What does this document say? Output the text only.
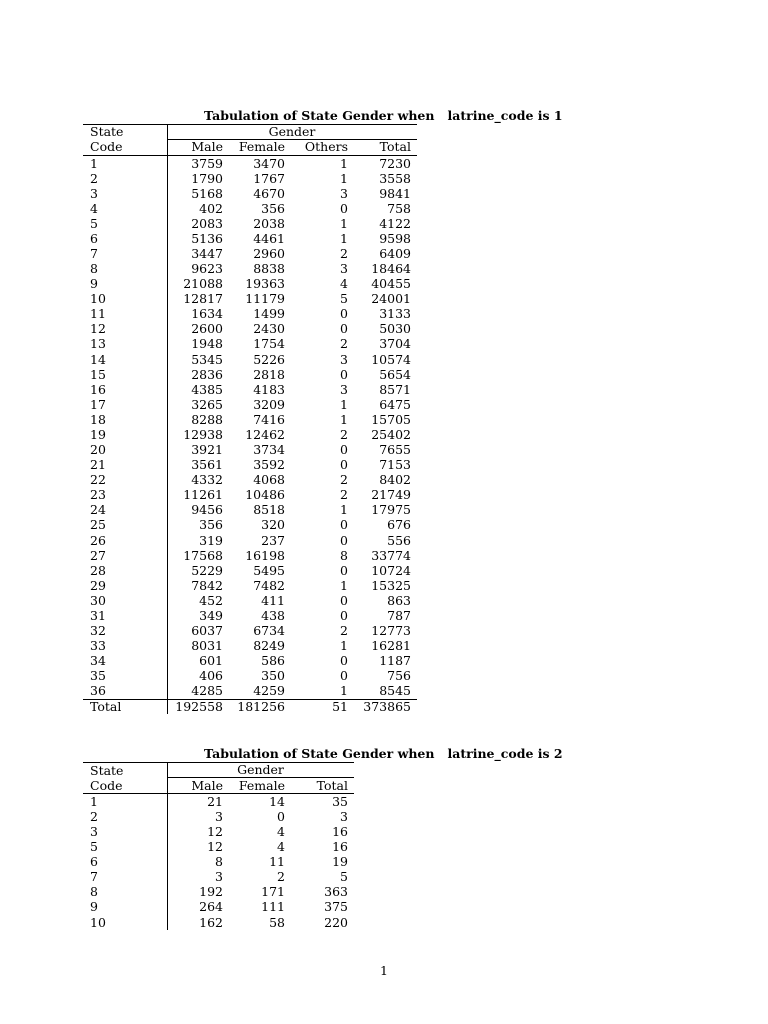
Tabulation of State Gender when   latrine_code is 1
State
Code
Gender
Male	Female	Others	Total
1	3759	3470	1	7230
2	1790	1767	1	3558
3	5168	4670	3	9841
4	402	356	0	758
5	2083	2038	1	4122
6	5136	4461	1	9598
7	3447	2960	2	6409
8	9623	8838	3	18464
9	21088	19363	4	40455
10	12817	11179	5	24001
11	1634	1499	0	3133
12	2600	2430	0	5030
13	1948	1754	2	3704
14	5345	5226	3	10574
15	2836	2818	0	5654
16	4385	4183	3	8571
17	3265	3209	1	6475
18	8288	7416	1	15705
19	12938	12462	2	25402
20	3921	3734	0	7655
21	3561	3592	0	7153
22	4332	4068	2	8402
23	11261	10486	2	21749
24	9456	8518	1	17975
25	356	320	0	676
26	319	237	0	556
27	17568	16198	8	33774
28	5229	5495	0	10724
29	7842	7482	1	15325
30	452	411	0	863
31	349	438	0	787
32	6037	6734	2	12773
33	8031	8249	1	16281
34	601	586	0	1187
35	406	350	0	756
36	4285	4259	1	8545
Total	192558	181256	51	373865
Tabulation of State Gender when   latrine_code is 2
State
Code
Gender
Male	Female	Total
1	21	14	35
2	3	0	3
3	12	4	16
5	12	4	16
6	8	11	19
7	3	2	5
8	192	171	363
9	264	111	375
10	162	58	220
1
